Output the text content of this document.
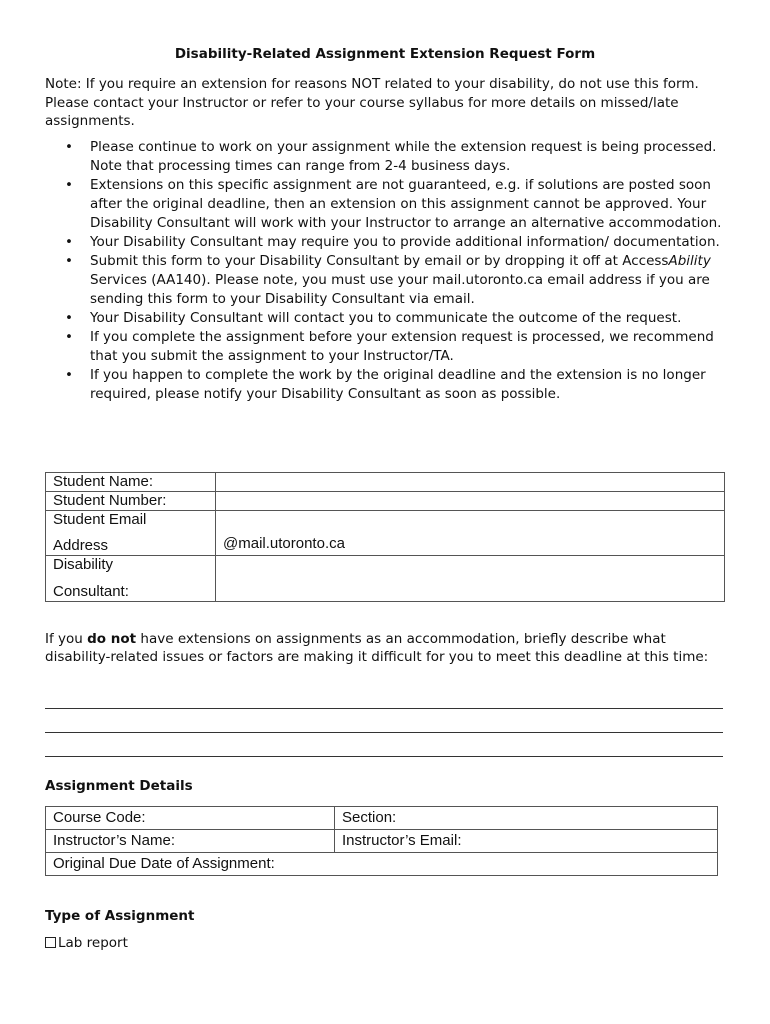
Disability-Related Assignment Extension Request Form
Note: If you require an extension for reasons NOT related to your disability, do not use this form. Please contact your Instructor or refer to your course syllabus for more details on missed/late assignments.
• Please continue to work on your assignment while the extension request is being processed. Note that processing times can range from 2-4 business days.
• Extensions on this specific assignment are not guaranteed, e.g. if solutions are posted soon after the original deadline, then an extension on this assignment cannot be approved. Your Disability Consultant will work with your Instructor to arrange an alternative accommodation.
• Your Disability Consultant may require you to provide additional information/ documentation.
• Submit this form to your Disability Consultant by email or by dropping it off at AccessAbility Services (AA140). Please note, you must use your mail.utoronto.ca email address if you are sending this form to your Disability Consultant via email.
• Your Disability Consultant will contact you to communicate the outcome of the request.
• If you complete the assignment before your extension request is processed, we recommend that you submit the assignment to your Instructor/TA.
• If you happen to complete the work by the original deadline and the extension is no longer required, please notify your Disability Consultant as soon as possible.
Student Name:	
Student Number:	

Student Email
Address	@mail.utoronto.ca

Disability
Consultant:	

If you do not have extensions on assignments as an accommodation, briefly describe what disability-related issues or factors are making it difficult for you to meet this deadline at this time:
Assignment Details
Course Code:	Section:
Instructor’s Name:	Instructor’s Email:
Original Due Date of Assignment:	
Type of Assignment
Lab report
